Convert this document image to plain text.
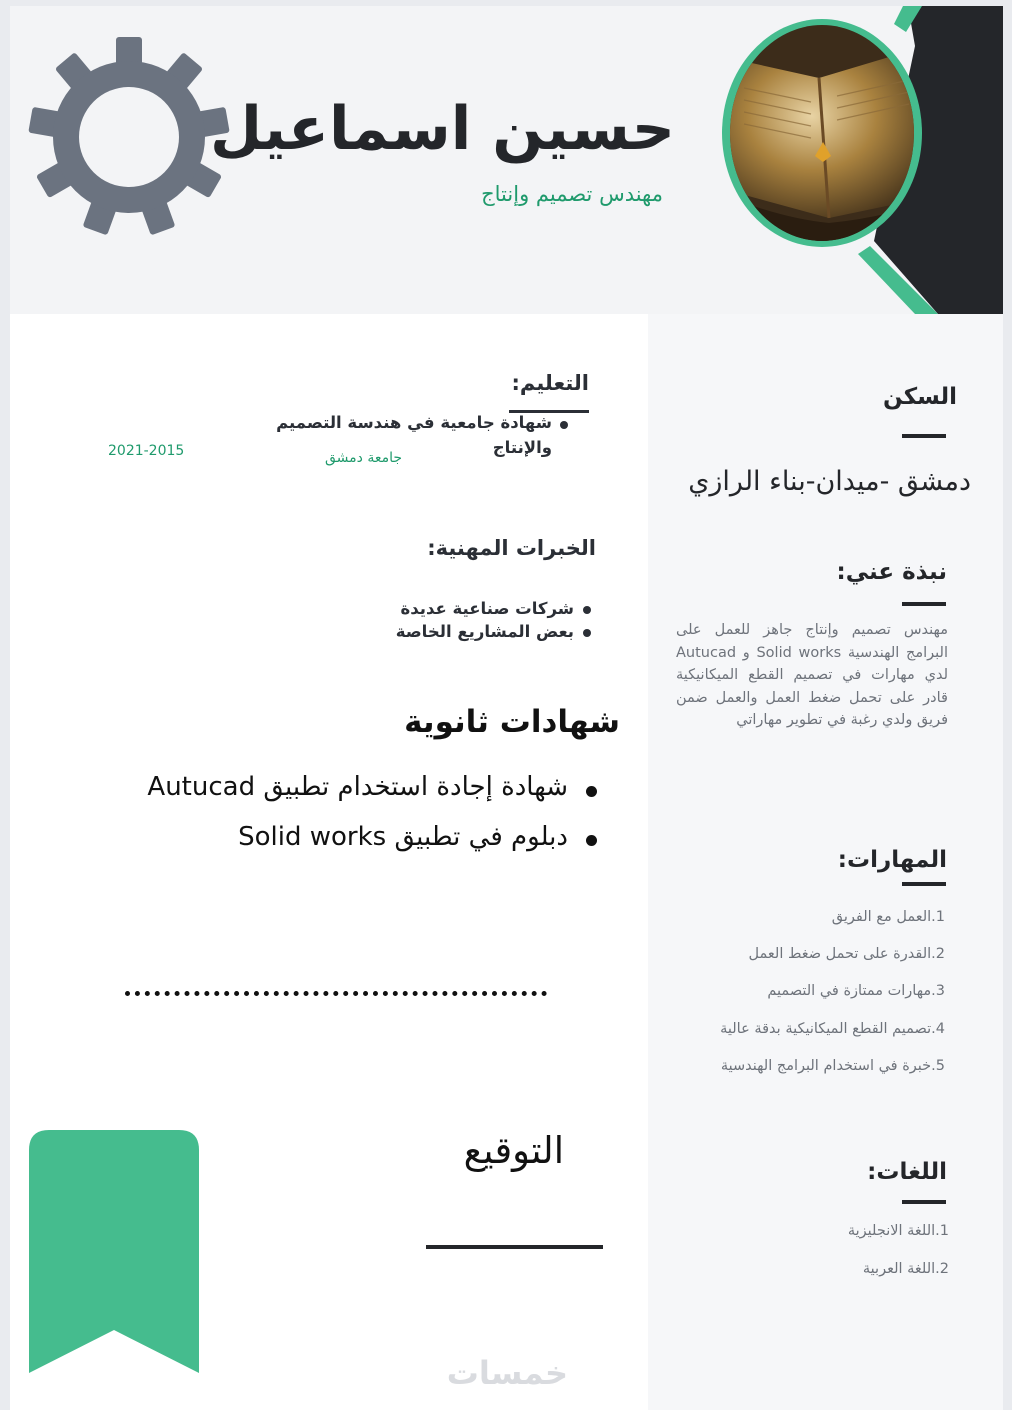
حسين اسماعيل
مهندس تصميم وإنتاج
السكن
دمشق -ميدان-بناء الرازي
نبذة عني:
مهندس تصميم وإنتاج جاهز للعمل على البرامج الهندسية Solid works و Autucad لدي مهارات في تصميم القطع الميكانيكية قادر على تحمل ضغط العمل والعمل ضمن فريق ولدي رغبة في تطوير مهاراتي
المهارات:
1.العمل مع الفريق
2.القدرة على تحمل ضغط العمل
3.مهارات ممتازة في التصميم
4.تصميم القطع الميكانيكية بدقة عالية
5.خبرة في استخدام البرامج الهندسية
اللغات:
1.اللغة الانجليزية
2.اللغة العربية
التعليم:
شهادة جامعية في هندسة التصميم
والإنتاج
جامعة دمشق
2021-2015
الخبرات المهنية:
شركات صناعية عديدة
بعض المشاريع الخاصة
شهادات ثانوية
شهادة إجادة استخدام تطبيق Autucad
دبلوم في تطبيق Solid works
التوقيع
خمسات
